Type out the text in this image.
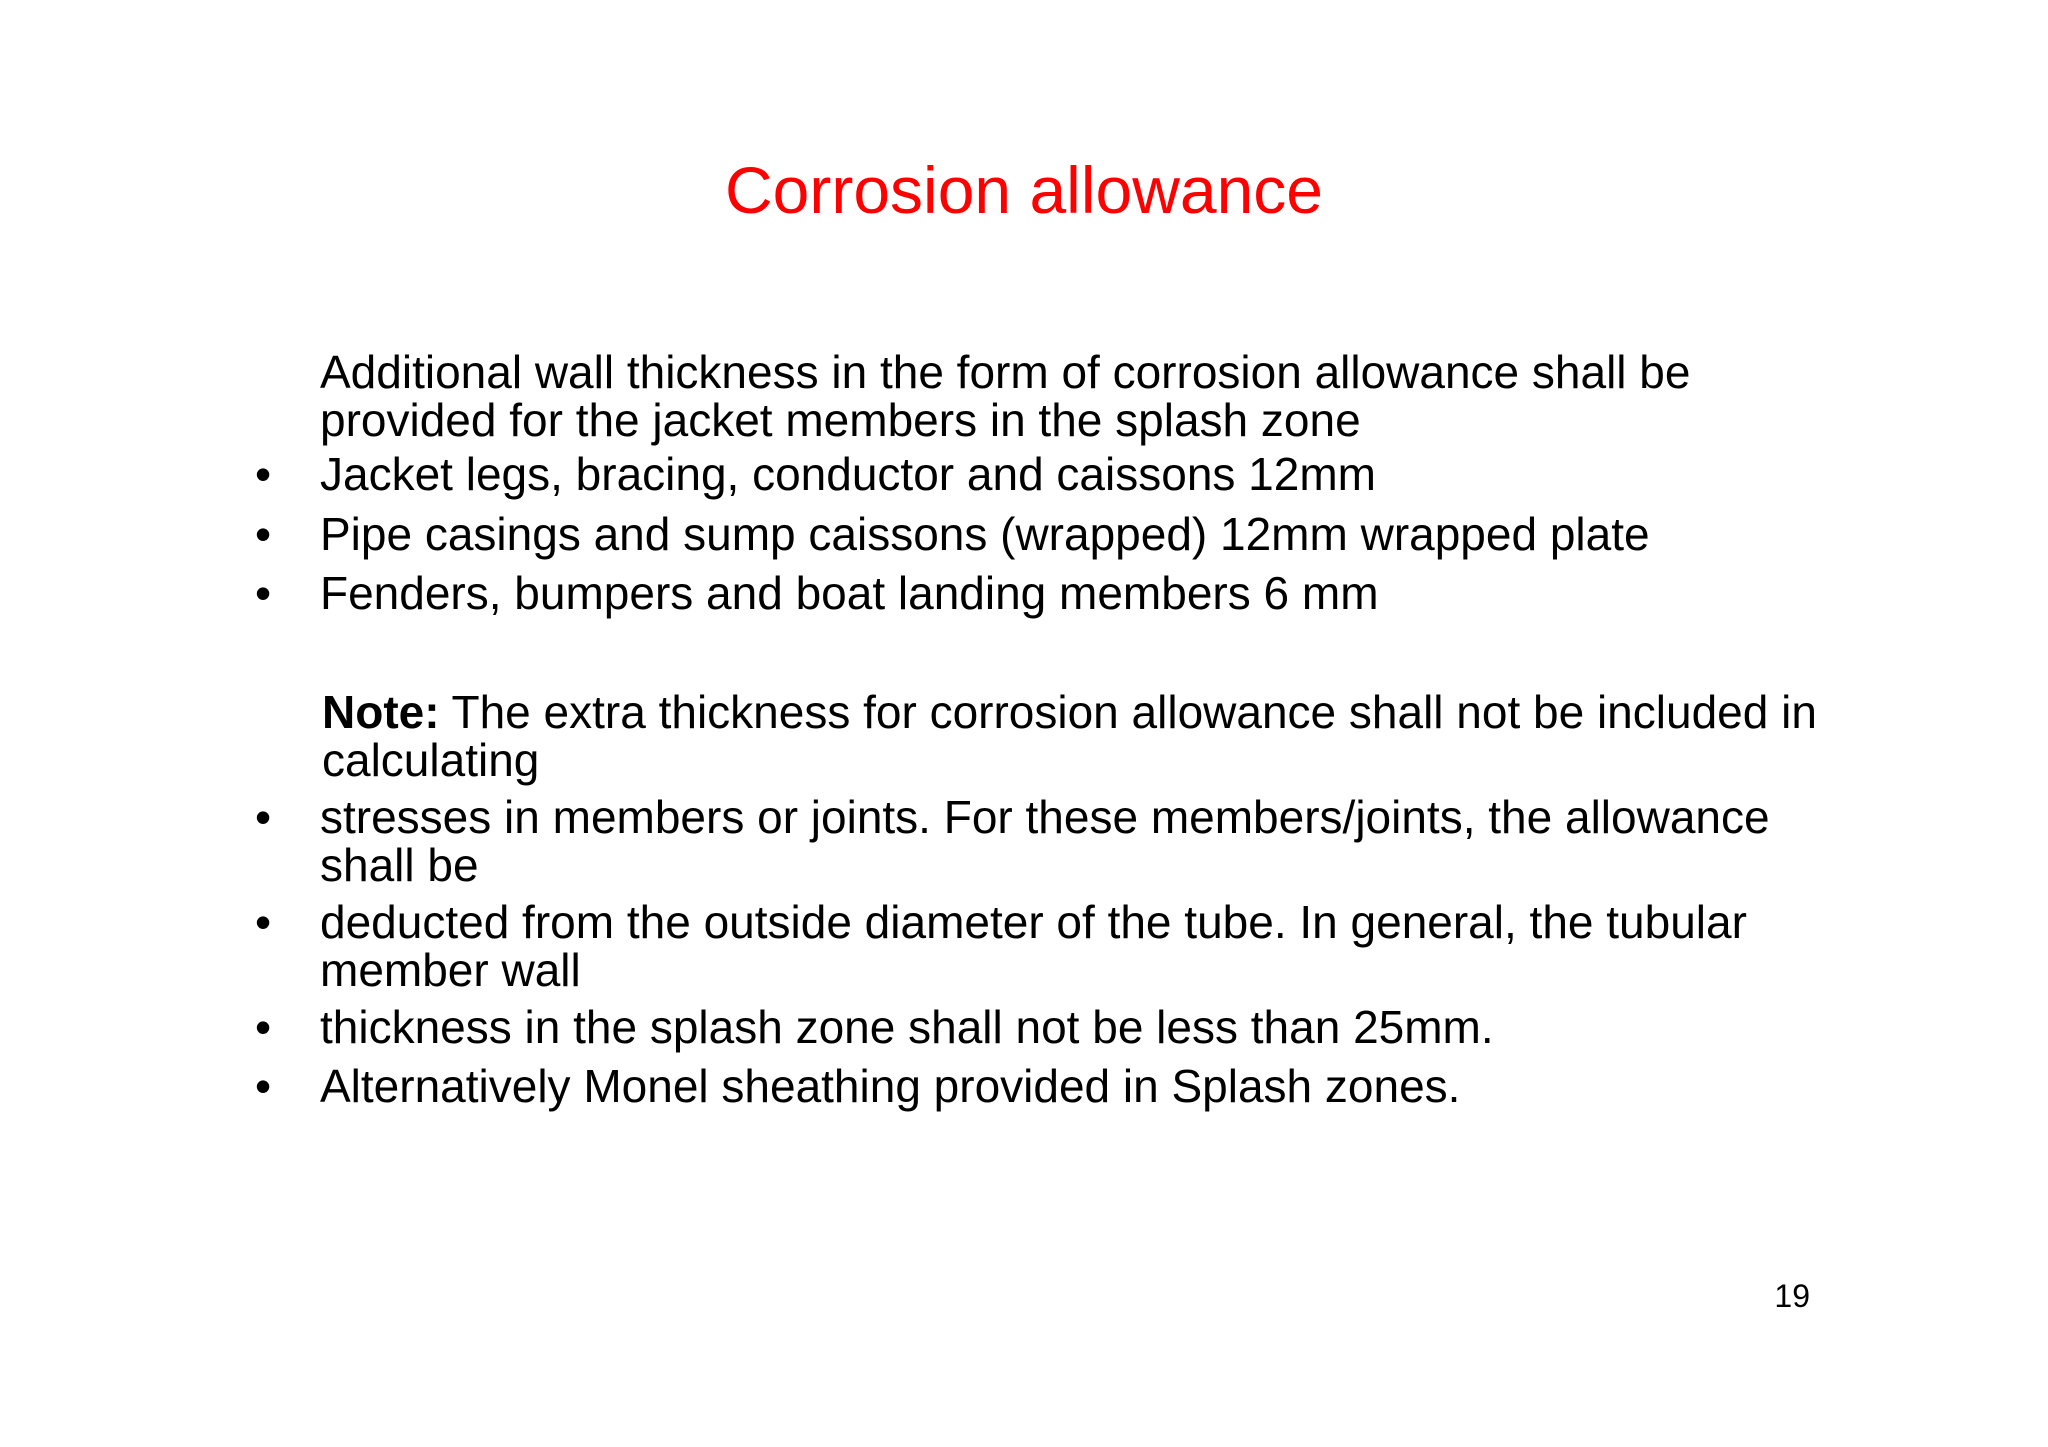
Corrosion allowance

Additional wall thickness in the form of corrosion allowance shall be provided for the jacket members in the splash zone

•	Jacket legs, bracing, conductor and caissons 12mm
•	Pipe casings and sump caissons (wrapped) 12mm wrapped plate
•	Fenders, bumpers and boat landing members 6 mm

Note: The extra thickness for corrosion allowance shall not be included in calculating

•	stresses in members or joints. For these members/joints, the allowance shall be
•	deducted from the outside diameter of the tube. In general, the tubular member wall
•	thickness in the splash zone shall not be less than 25mm.
•	Alternatively Monel sheathing provided in Splash zones.
19
